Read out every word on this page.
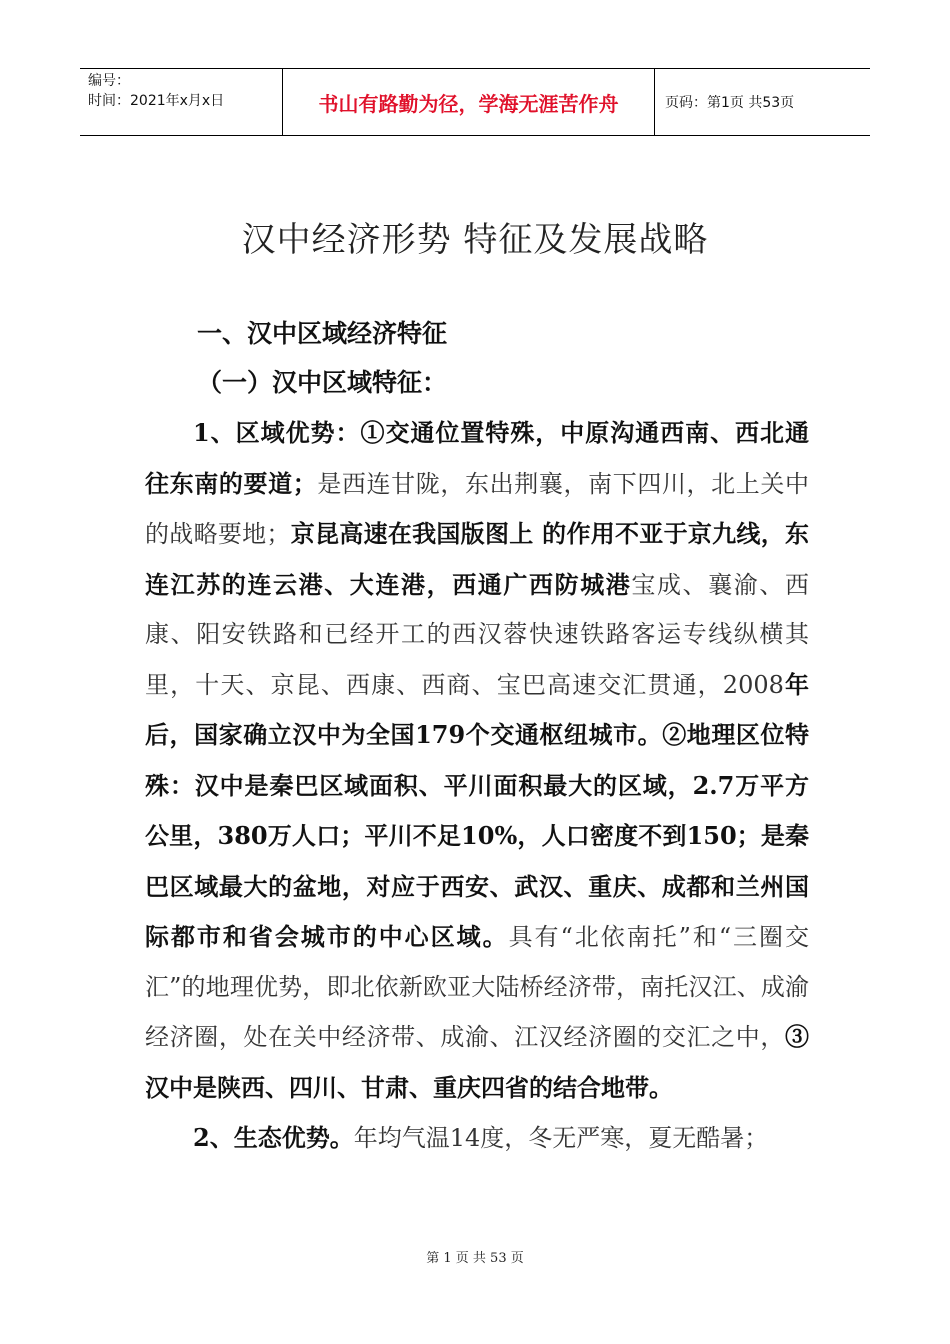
编号：
时间：2021年x月x日	书山有路勤为径，学海无涯苦作舟	页码：第1页 共53页
汉中经济形势 特征及发展战略
一、汉中区域经济特征
（一）汉中区域特征：

1、区域优势：①交通位置特殊，中原沟通西南、西北通往东南的要道；是西连甘陇，东出荆襄，南下四川，北上关中的战略要地；京昆高速在我国版图上 的作用不亚于京九线，东连江苏的连云港、大连港，西通广西防城港宝成、襄渝、西康、阳安铁路和已经开工的西汉蓉快速铁路客运专线纵横其里，十天、京昆、西康、西商、宝巴高速交汇贯通，2008年后，国家确立汉中为全国179个交通枢纽城市。②地理区位特殊：汉中是秦巴区域面积、平川面积最大的区域，2.7万平方公里，380万人口；平川不足10%，人口密度不到150；是秦巴区域最大的盆地，对应于西安、武汉、重庆、成都和兰州国际都市和省会城市的中心区域。具有“北依南托”和“三圈交汇”的地理优势，即北依新欧亚大陆桥经济带，南托汉江、成渝经济圈，处在关中经济带、成渝、江汉经济圈的交汇之中，③汉中是陕西、四川、甘肃、重庆四省的结合地带。

2、生态优势。年均气温14度，冬无严寒，夏无酷暑；

第 1 页 共 53 页
